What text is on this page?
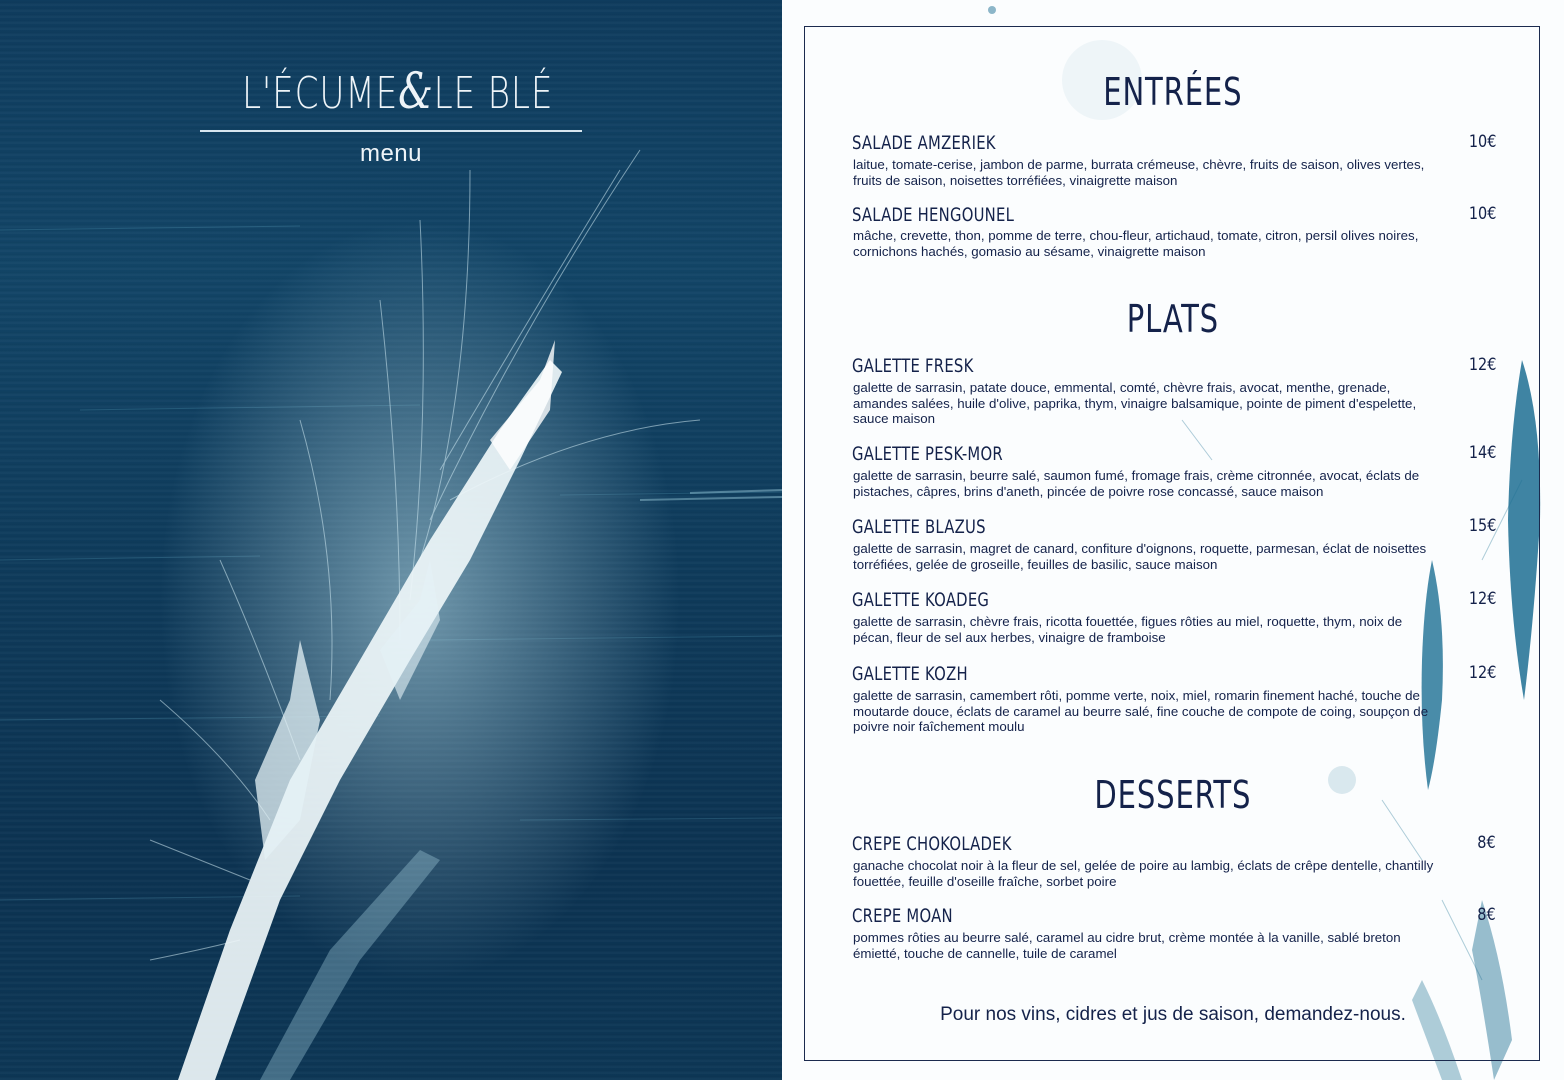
L'ÉCUME&LE BLÉ
menu
ENTRÉES
SALADE AMZERIEK	10€
laitue, tomate-cerise, jambon de parme, burrata crémeuse, chèvre, fruits de saison, olives vertes, fruits de saison, noisettes torréfiées, vinaigrette maison
SALADE HENGOUNEL	10€
mâche, crevette, thon, pomme de terre, chou-fleur, artichaud, tomate, citron, persil olives noires, cornichons hachés, gomasio au sésame, vinaigrette maison
PLATS
GALETTE FRESK	12€
galette de sarrasin, patate douce, emmental, comté, chèvre frais, avocat, menthe, grenade, amandes salées, huile d'olive, paprika, thym, vinaigre balsamique, pointe de piment d'espelette, sauce maison
GALETTE PESK-MOR	14€
galette de sarrasin, beurre salé, saumon fumé, fromage frais, crème citronnée, avocat, éclats de pistaches, câpres, brins d'aneth, pincée de poivre rose concassé, sauce maison
GALETTE BLAZUS	15€
galette de sarrasin, magret de canard, confiture d'oignons, roquette, parmesan, éclat de noisettes torréfiées, gelée de groseille, feuilles de basilic, sauce maison
GALETTE KOADEG	12€
galette de sarrasin, chèvre frais, ricotta fouettée, figues rôties au miel, roquette, thym, noix de pécan, fleur de sel aux herbes, vinaigre de framboise
GALETTE KOZH	12€
galette de sarrasin, camembert rôti, pomme verte, noix, miel, romarin finement haché, touche de moutarde douce, éclats de caramel au beurre salé, fine couche de compote de coing, soupçon de poivre noir faîchement moulu
DESSERTS
CREPE CHOKOLADEK	8€
ganache chocolat noir à la fleur de sel, gelée de poire au lambig, éclats de crêpe dentelle, chantilly fouettée, feuille d'oseille fraîche, sorbet poire
CREPE MOAN	8€
pommes rôties au beurre salé, caramel au cidre brut, crème montée à la vanille, sablé breton émietté, touche de cannelle, tuile de caramel
Pour nos vins, cidres et jus de saison, demandez-nous.
